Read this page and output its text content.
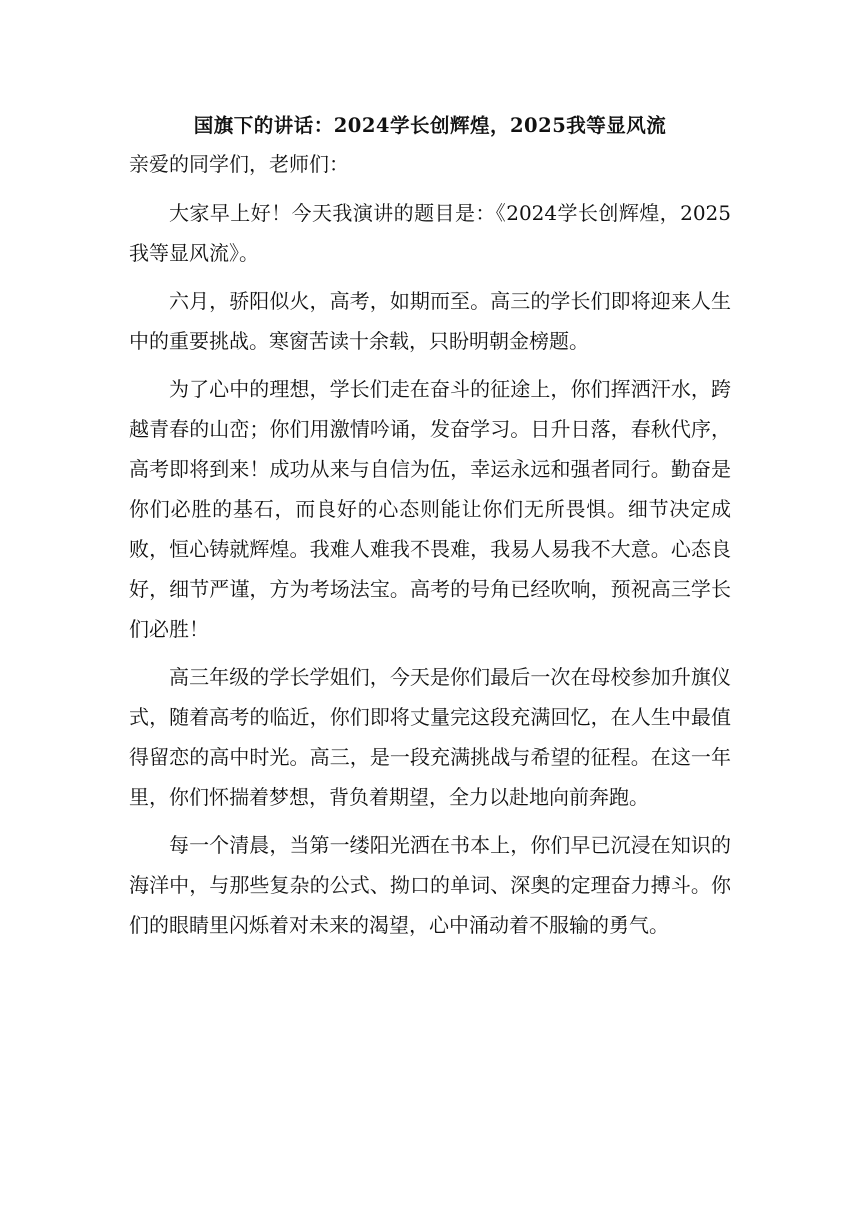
国旗下的讲话：2024学长创辉煌，2025我等显风流
亲爱的同学们，老师们：

大家早上好！今天我演讲的题目是：《2024学长创辉煌，2025我等显风流》。

六月，骄阳似火，高考，如期而至。高三的学长们即将迎来人生中的重要挑战。寒窗苦读十余载，只盼明朝金榜题。

为了心中的理想，学长们走在奋斗的征途上，你们挥洒汗水，跨越青春的山峦；你们用激情吟诵，发奋学习。日升日落，春秋代序，高考即将到来！成功从来与自信为伍，幸运永远和强者同行。勤奋是你们必胜的基石，而良好的心态则能让你们无所畏惧。细节决定成败，恒心铸就辉煌。我难人难我不畏难，我易人易我不大意。心态良好，细节严谨，方为考场法宝。高考的号角已经吹响，预祝高三学长们必胜！

高三年级的学长学姐们，今天是你们最后一次在母校参加升旗仪式，随着高考的临近，你们即将丈量完这段充满回忆，在人生中最值得留恋的高中时光。高三，是一段充满挑战与希望的征程。在这一年里，你们怀揣着梦想，背负着期望，全力以赴地向前奔跑。

每一个清晨，当第一缕阳光洒在书本上，你们早已沉浸在知识的海洋中，与那些复杂的公式、拗口的单词、深奥的定理奋力搏斗。你们的眼睛里闪烁着对未来的渴望，心中涌动着不服输的勇气。
